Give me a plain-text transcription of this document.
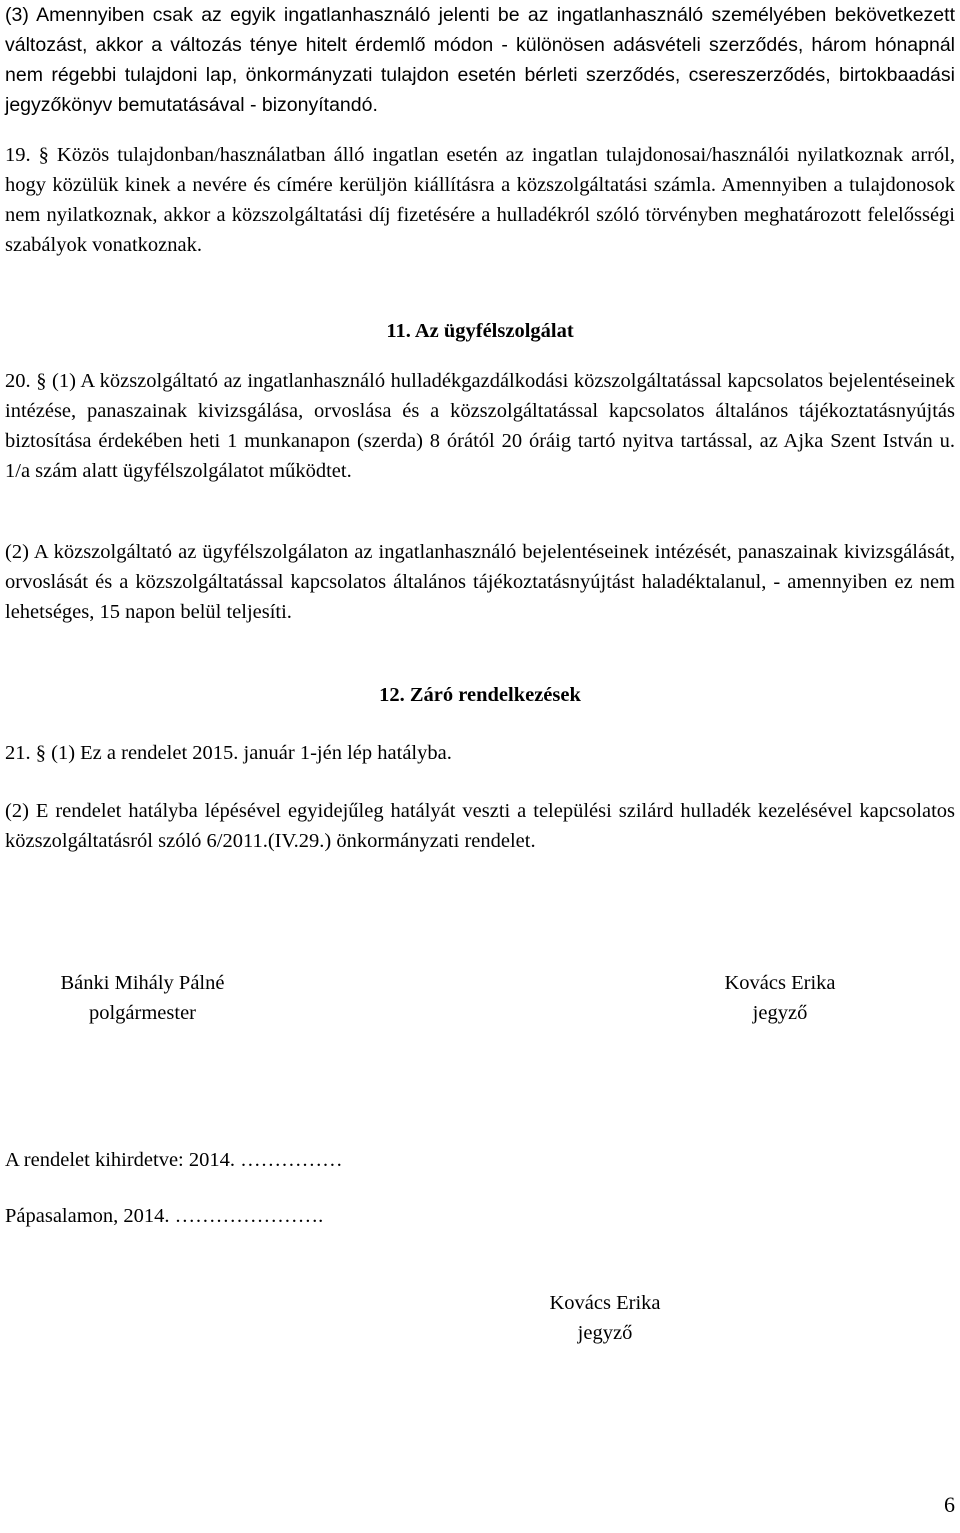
(3) Amennyiben csak az egyik ingatlanhasználó jelenti be az ingatlanhasználó személyében bekövetkezett változást, akkor a változás ténye hitelt érdemlő módon - különösen adásvételi szerződés, három hónapnál nem régebbi tulajdoni lap, önkormányzati tulajdon esetén bérleti szerződés, csereszerződés, birtokbaadási jegyzőkönyv bemutatásával - bizonyítandó.

19. § Közös tulajdonban/használatban álló ingatlan esetén az ingatlan tulajdonosai/használói nyilatkoznak arról, hogy közülük kinek a nevére és címére kerüljön kiállításra a közszolgáltatási számla. Amennyiben a tulajdonosok nem nyilatkoznak, akkor a közszolgáltatási díj fizetésére a hulladékról szóló törvényben meghatározott felelősségi szabályok vonatkoznak.

11. Az ügyfélszolgálat

20. § (1) A közszolgáltató az ingatlanhasználó hulladékgazdálkodási közszolgáltatással kapcsolatos bejelentéseinek intézése, panaszainak kivizsgálása, orvoslása és a közszolgáltatással kapcsolatos általános tájékoztatásnyújtás biztosítása érdekében heti 1 munkanapon (szerda) 8 órától 20 óráig tartó nyitva tartással, az Ajka Szent István u. 1/a szám alatt ügyfélszolgálatot működtet.

(2) A közszolgáltató az ügyfélszolgálaton az ingatlanhasználó bejelentéseinek intézését, panaszainak kivizsgálását, orvoslását és a közszolgáltatással kapcsolatos általános tájékoztatásnyújtást haladéktalanul, - amennyiben ez nem lehetséges, 15 napon belül teljesíti.

12. Záró rendelkezések

21. § (1) Ez a rendelet 2015. január 1-jén lép hatályba.

(2) E rendelet hatályba lépésével egyidejűleg hatályát veszti a települési szilárd hulladék kezelésével kapcsolatos közszolgáltatásról szóló 6/2011.(IV.29.) önkormányzati rendelet.

Bánki Mihály Pálné
polgármester
Kovács Erika
jegyző

A rendelet kihirdetve: 2014. ……………

Pápasalamon, 2014. ………………….

Kovács Erika
jegyző

6
